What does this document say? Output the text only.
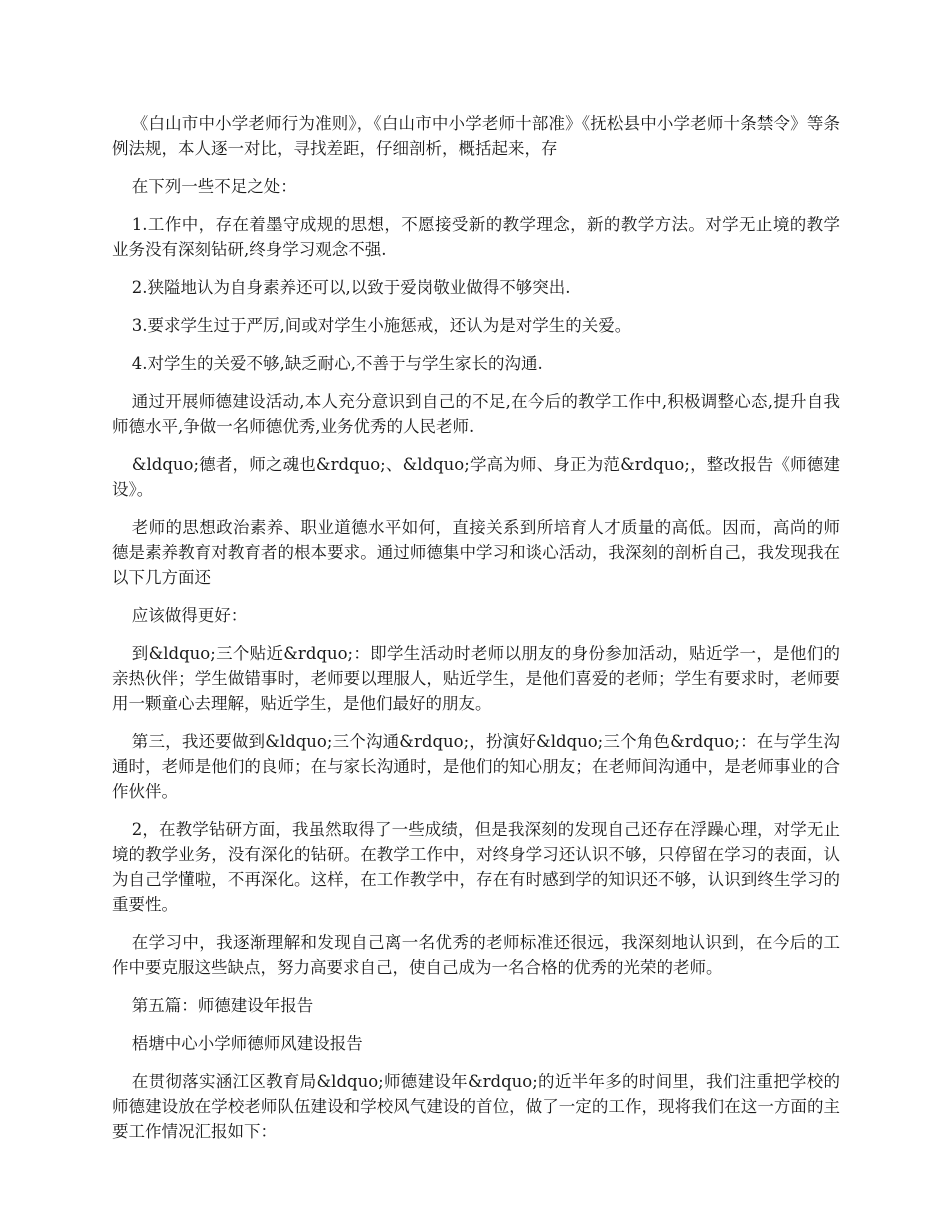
《白山市中小学老师行为准则》，《白山市中小学老师十部准》《抚松县中小学老师十条禁令》等条例法规，本人逐一对比，寻找差距，仔细剖析，概括起来，存

在下列一些不足之处：

1.工作中，存在着墨守成规的思想，不愿接受新的教学理念，新的教学方法。对学无止境的教学业务没有深刻钻研,终身学习观念不强.

2.狭隘地认为自身素养还可以,以致于爱岗敬业做得不够突出.

3.要求学生过于严厉,间或对学生小施惩戒，还认为是对学生的关爱。

4.对学生的关爱不够,缺乏耐心,不善于与学生家长的沟通.

通过开展师德建设活动,本人充分意识到自己的不足,在今后的教学工作中,积极调整心态,提升自我师德水平,争做一名师德优秀,业务优秀的人民老师.

&ldquo;德者，师之魂也&rdquo;、&ldquo;学高为师、身正为范&rdquo;，整改报告《师德建设》。

老师的思想政治素养、职业道德水平如何，直接关系到所培育人才质量的高低。因而，高尚的师德是素养教育对教育者的根本要求。通过师德集中学习和谈心活动，我深刻的剖析自己，我发现我在以下几方面还

应该做得更好：

到&ldquo;三个贴近&rdquo;：即学生活动时老师以朋友的身份参加活动，贴近学一，是他们的亲热伙伴；学生做错事时，老师要以理服人，贴近学生，是他们喜爱的老师；学生有要求时，老师要用一颗童心去理解，贴近学生，是他们最好的朋友。

第三，我还要做到&ldquo;三个沟通&rdquo;，扮演好&ldquo;三个角色&rdquo;：在与学生沟通时，老师是他们的良师；在与家长沟通时，是他们的知心朋友；在老师间沟通中，是老师事业的合作伙伴。

2，在教学钻研方面，我虽然取得了一些成绩，但是我深刻的发现自己还存在浮躁心理，对学无止境的教学业务，没有深化的钻研。在教学工作中，对终身学习还认识不够，只停留在学习的表面，认为自己学懂啦，不再深化。这样，在工作教学中，存在有时感到学的知识还不够，认识到终生学习的重要性。

在学习中，我逐渐理解和发现自己离一名优秀的老师标准还很远，我深刻地认识到，在今后的工作中要克服这些缺点，努力高要求自己，使自己成为一名合格的优秀的光荣的老师。

第五篇：师德建设年报告

梧塘中心小学师德师风建设报告

在贯彻落实涵江区教育局&ldquo;师德建设年&rdquo;的近半年多的时间里，我们注重把学校的师德建设放在学校老师队伍建设和学校风气建设的首位，做了一定的工作，现将我们在这一方面的主要工作情况汇报如下：
